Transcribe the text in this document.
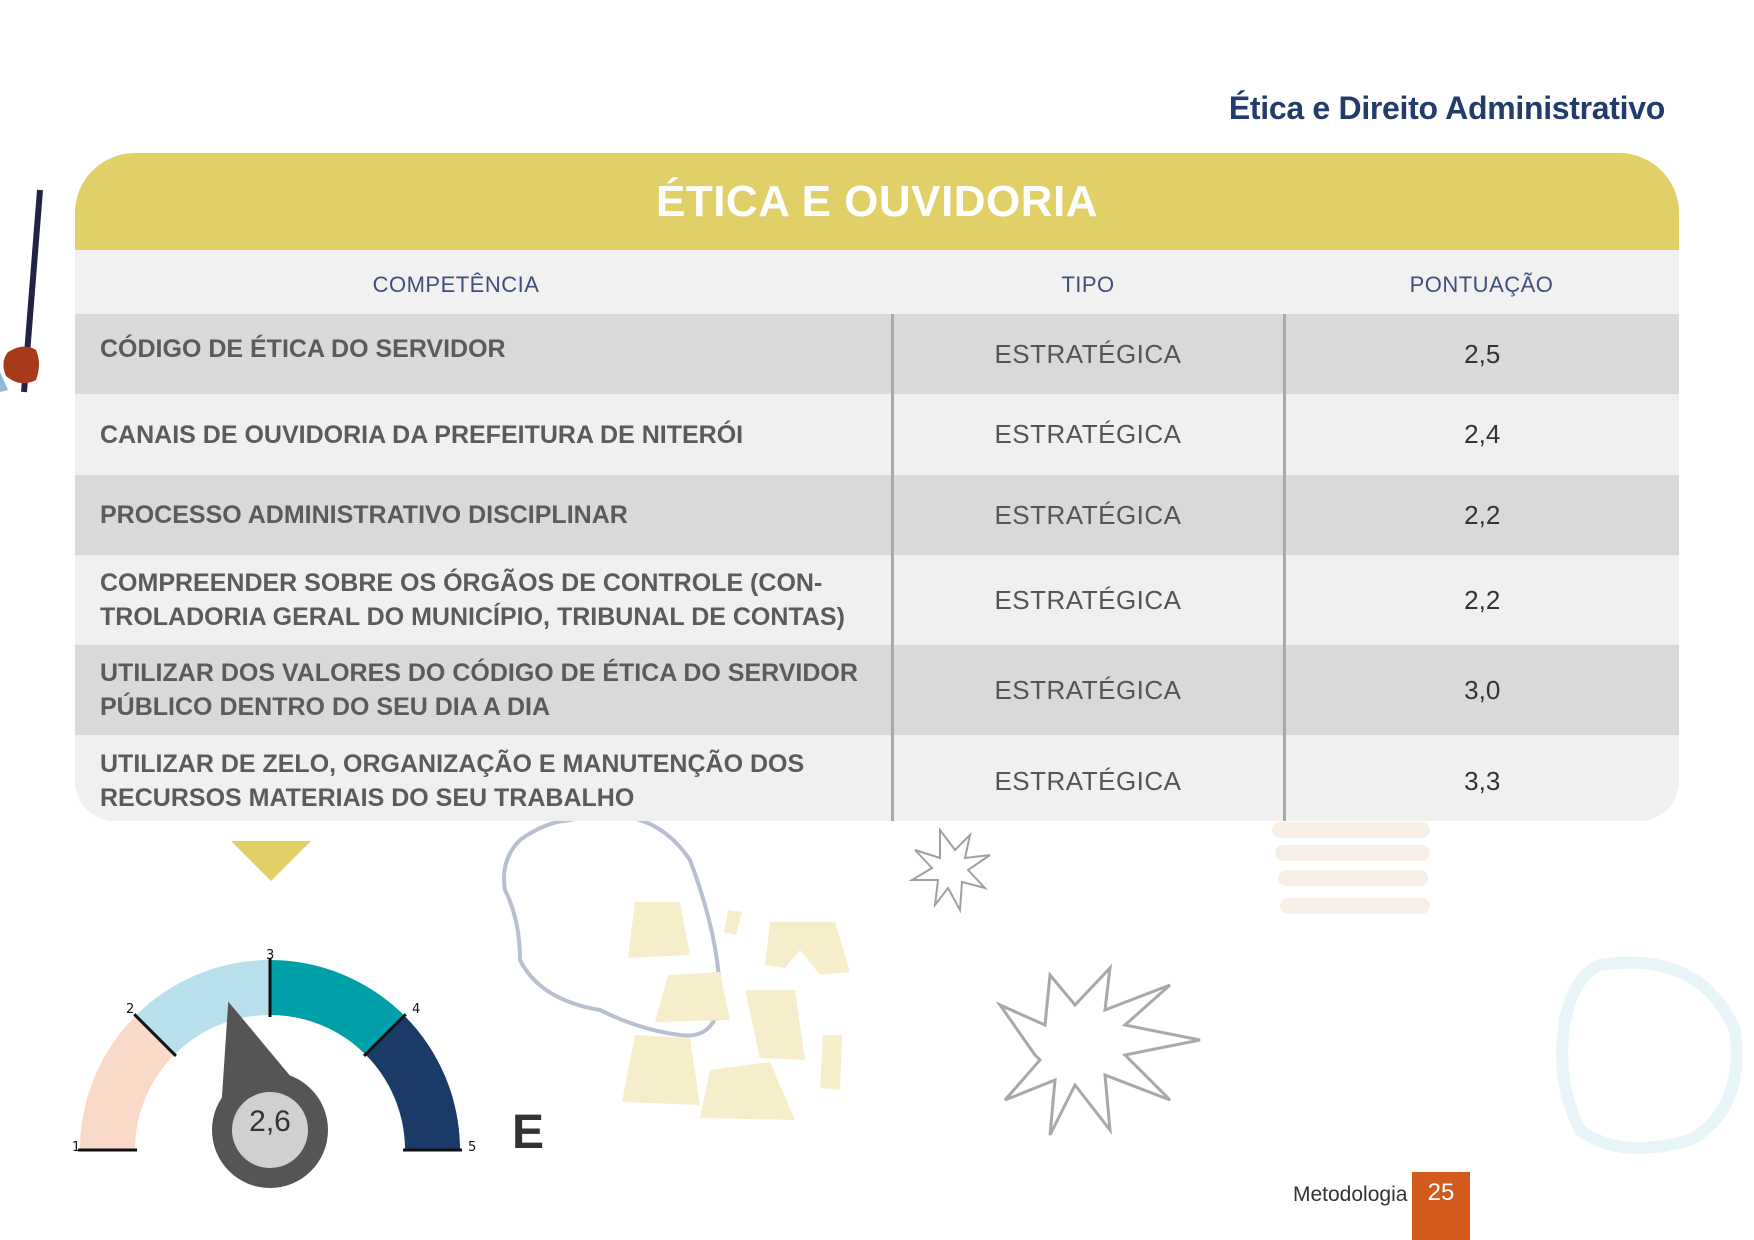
Ética e Direito Administrativo
ÉTICA E OUVIDORIA
COMPETÊNCIA	TIPO	PONTUAÇÃO
CÓDIGO DE ÉTICA DO SERVIDOR	ESTRATÉGICA	2,5
CANAIS DE OUVIDORIA DA PREFEITURA DE NITERÓI	ESTRATÉGICA	2,4
PROCESSO ADMINISTRATIVO DISCIPLINAR	ESTRATÉGICA	2,2
COMPREENDER SOBRE OS ÓRGÃOS DE CONTROLE (CON-TROLADORIA GERAL DO MUNICÍPIO, TRIBUNAL DE CONTAS)	ESTRATÉGICA	2,2
UTILIZAR DOS VALORES DO CÓDIGO DE ÉTICA DO SERVIDOR PÚBLICO DENTRO DO SEU DIA A DIA	ESTRATÉGICA	3,0
UTILIZAR DE ZELO, ORGANIZAÇÃO E MANUTENÇÃO DOS RECURSOS MATERIAIS DO SEU TRABALHO	ESTRATÉGICA	3,3
1
2
3
4
5
2,6	E
Metodologia 25
